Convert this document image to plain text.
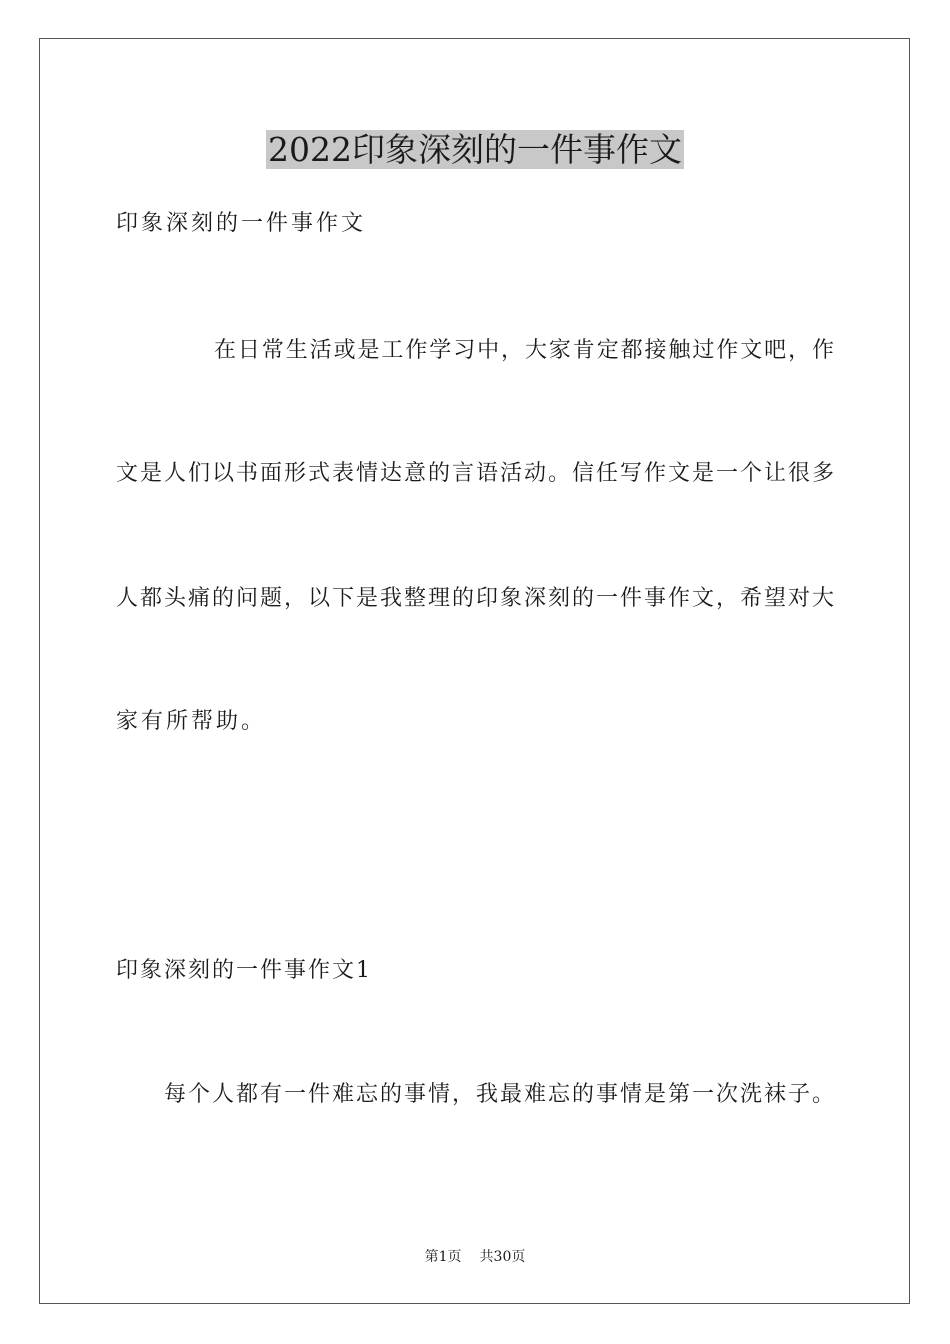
2022印象深刻的一件事作文

印象深刻的一件事作文

在日常生活或是工作学习中，大家肯定都接触过作文吧，作

文是人们以书面形式表情达意的言语活动。信任写作文是一个让很多

人都头痛的问题，以下是我整理的印象深刻的一件事作文，希望对大

家有所帮助。

印象深刻的一件事作文1

每个人都有一件难忘的事情，我最难忘的事情是第一次洗袜子。

第1页 共30页
